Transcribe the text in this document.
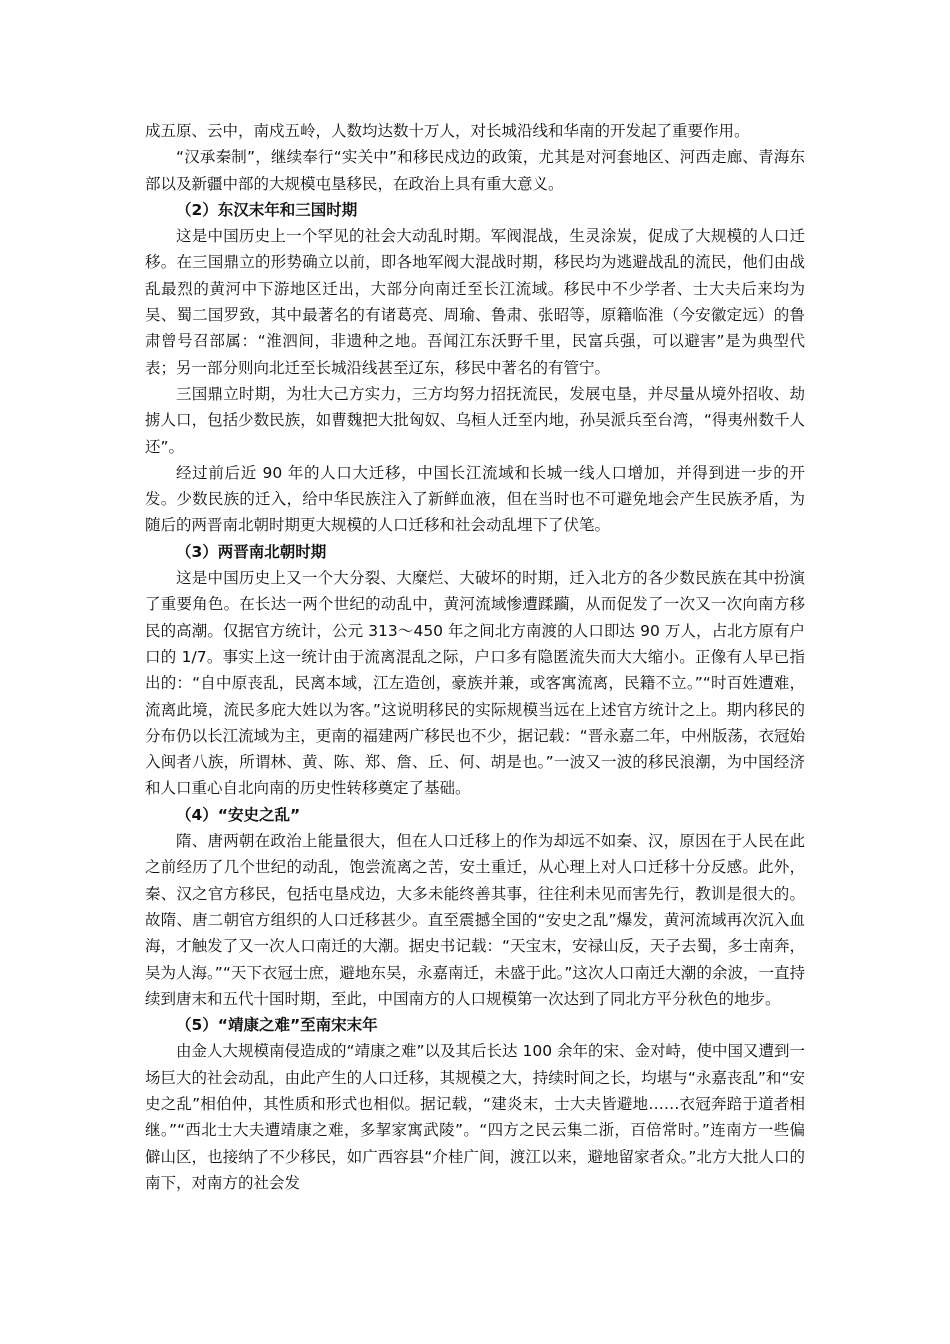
成五原、云中，南戍五岭，人数均达数十万人，对长城沿线和华南的开发起了重要作用。

“汉承秦制”，继续奉行“实关中”和移民戍边的政策，尤其是对河套地区、河西走廊、青海东部以及新疆中部的大规模屯垦移民，在政治上具有重大意义。

（2）东汉末年和三国时期

这是中国历史上一个罕见的社会大动乱时期。军阀混战，生灵涂炭，促成了大规模的人口迁移。在三国鼎立的形势确立以前，即各地军阀大混战时期，移民均为逃避战乱的流民，他们由战乱最烈的黄河中下游地区迁出，大部分向南迁至长江流域。移民中不少学者、士大夫后来均为吴、蜀二国罗致，其中最著名的有诸葛亮、周瑜、鲁肃、张昭等，原籍临淮（今安徽定远）的鲁肃曾号召部属：“淮泗间，非遗种之地。吾闻江东沃野千里，民富兵强，可以避害”是为典型代表；另一部分则向北迁至长城沿线甚至辽东，移民中著名的有管宁。

三国鼎立时期，为壮大己方实力，三方均努力招抚流民，发展屯垦，并尽量从境外招收、劫掳人口，包括少数民族，如曹魏把大批匈奴、乌桓人迁至内地，孙吴派兵至台湾，“得夷州数千人还”。

经过前后近 90 年的人口大迁移，中国长江流域和长城一线人口增加，并得到进一步的开发。少数民族的迁入，给中华民族注入了新鲜血液，但在当时也不可避免地会产生民族矛盾，为随后的两晋南北朝时期更大规模的人口迁移和社会动乱埋下了伏笔。

（3）两晋南北朝时期

这是中国历史上又一个大分裂、大糜烂、大破坏的时期，迁入北方的各少数民族在其中扮演了重要角色。在长达一两个世纪的动乱中，黄河流域惨遭蹂躏，从而促发了一次又一次向南方移民的高潮。仅据官方统计，公元 313～450 年之间北方南渡的人口即达 90 万人，占北方原有户口的 1/7。事实上这一统计由于流离混乱之际，户口多有隐匿流失而大大缩小。正像有人早已指出的：“自中原丧乱，民离本域，江左造创，豪族并兼，或客寓流离，民籍不立。”“时百姓遭难，流离此境，流民多庇大姓以为客。”这说明移民的实际规模当远在上述官方统计之上。期内移民的分布仍以长江流域为主，更南的福建两广移民也不少，据记载：“晋永嘉二年，中州版荡，衣冠始入闽者八族，所谓林、黄、陈、郑、詹、丘、何、胡是也。”一波又一波的移民浪潮，为中国经济和人口重心自北向南的历史性转移奠定了基础。

（4）“安史之乱”

隋、唐两朝在政治上能量很大，但在人口迁移上的作为却远不如秦、汉，原因在于人民在此之前经历了几个世纪的动乱，饱尝流离之苦，安土重迁，从心理上对人口迁移十分反感。此外，秦、汉之官方移民，包括屯垦戍边，大多未能终善其事，往往利未见而害先行，教训是很大的。故隋、唐二朝官方组织的人口迁移甚少。直至震撼全国的“安史之乱”爆发，黄河流域再次沉入血海，才触发了又一次人口南迁的大潮。据史书记载：“天宝末，安禄山反，天子去蜀，多士南奔，吴为人海。”“天下衣冠士庶，避地东吴，永嘉南迁，未盛于此。”这次人口南迁大潮的余波，一直持续到唐末和五代十国时期，至此，中国南方的人口规模第一次达到了同北方平分秋色的地步。

（5）“靖康之难”至南宋末年

由金人大规模南侵造成的“靖康之难”以及其后长达 100 余年的宋、金对峙，使中国又遭到一场巨大的社会动乱，由此产生的人口迁移，其规模之大，持续时间之长，均堪与“永嘉丧乱”和“安史之乱”相伯仲，其性质和形式也相似。据记载，“建炎末，士大夫皆避地……衣冠奔踣于道者相继。”“西北士大夫遭靖康之难，多挈家寓武陵”。“四方之民云集二浙，百倍常时。”连南方一些偏僻山区，也接纳了不少移民，如广西容县“介桂广间，渡江以来，避地留家者众。”北方大批人口的南下，对南方的社会发
